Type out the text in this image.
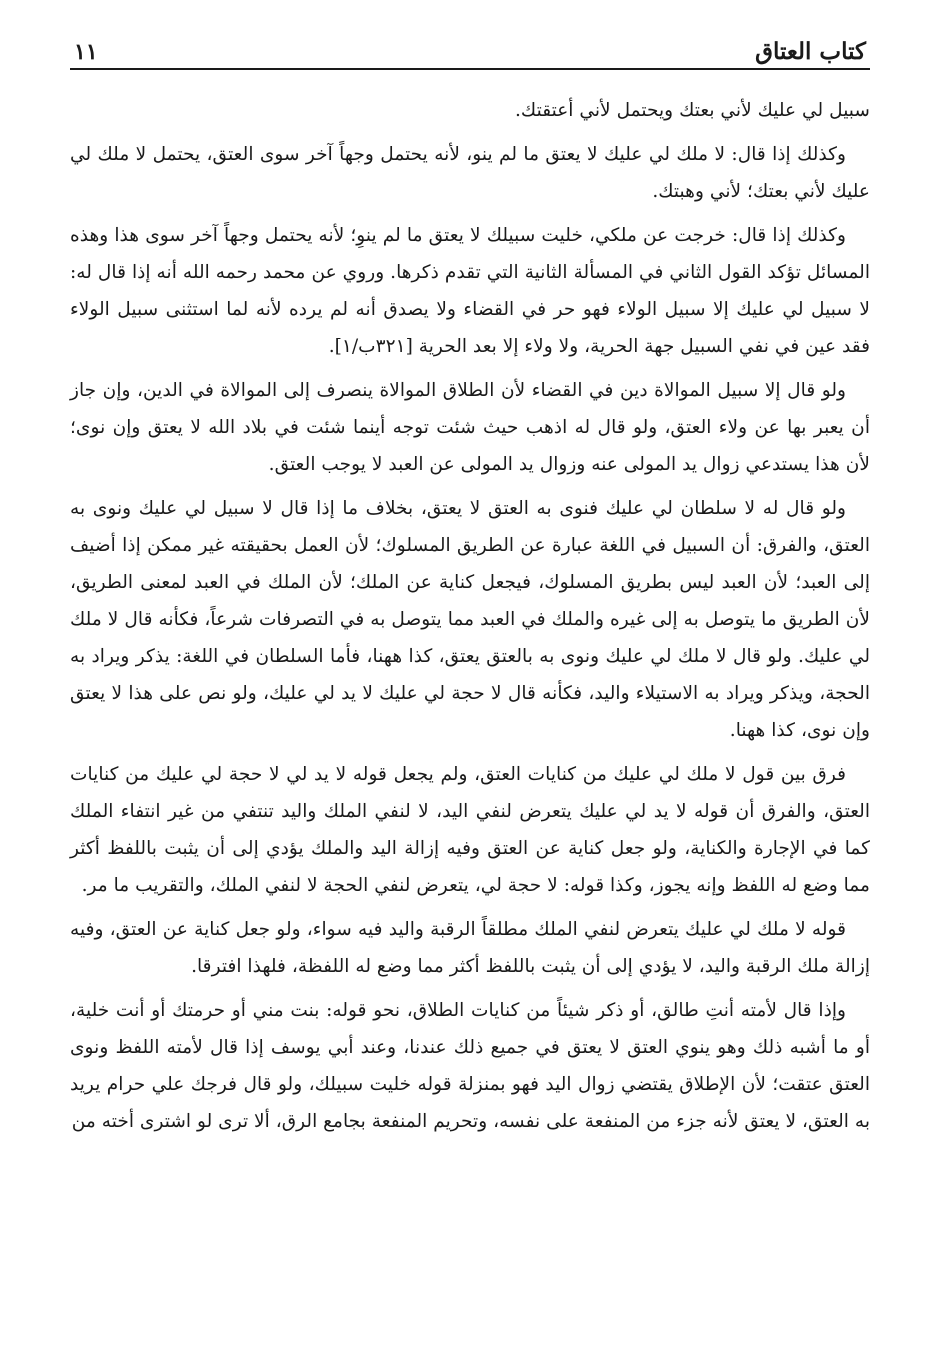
كتاب العتاق
١١

سبيل لي عليك لأني بعتك ويحتمل لأني أعتقتك.

وكذلك إذا قال: لا ملك لي عليك لا يعتق ما لم ينو، لأنه يحتمل وجهاً آخر سوى العتق، يحتمل لا ملك لي عليك لأني بعتك؛ لأني وهبتك.

وكذلك إذا قال: خرجت عن ملكي، خليت سبيلك لا يعتق ما لم ينوِ؛ لأنه يحتمل وجهاً آخر سوى هذا وهذه المسائل تؤكد القول الثاني في المسألة الثانية التي تقدم ذكرها. وروي عن محمد رحمه الله أنه إذا قال له: لا سبيل لي عليك إلا سبيل الولاء فهو حر في القضاء ولا يصدق أنه لم يرده لأنه لما استثنى سبيل الولاء فقد عين في نفي السبيل جهة الحرية، ولا ولاء إلا بعد الحرية [٣٢١ب/١].

ولو قال إلا سبيل الموالاة دين في القضاء لأن الطلاق الموالاة ينصرف إلى الموالاة في الدين، وإن جاز أن يعبر بها عن ولاء العتق، ولو قال له اذهب حيث شئت توجه أينما شئت في بلاد الله لا يعتق وإن نوى؛ لأن هذا يستدعي زوال يد المولى عنه وزوال يد المولى عن العبد لا يوجب العتق.

ولو قال له لا سلطان لي عليك فنوى به العتق لا يعتق، بخلاف ما إذا قال لا سبيل لي عليك ونوى به العتق، والفرق: أن السبيل في اللغة عبارة عن الطريق المسلوك؛ لأن العمل بحقيقته غير ممكن إذا أضيف إلى العبد؛ لأن العبد ليس بطريق المسلوك، فيجعل كناية عن الملك؛ لأن الملك في العبد لمعنى الطريق، لأن الطريق ما يتوصل به إلى غيره والملك في العبد مما يتوصل به في التصرفات شرعاً، فكأنه قال لا ملك لي عليك. ولو قال لا ملك لي عليك ونوى به بالعتق يعتق، كذا ههنا، فأما السلطان في اللغة: يذكر ويراد به الحجة، ويذكر ويراد به الاستيلاء واليد، فكأنه قال لا حجة لي عليك لا يد لي عليك، ولو نص على هذا لا يعتق وإن نوى، كذا ههنا.

فرق بين قول لا ملك لي عليك من كنايات العتق، ولم يجعل قوله لا يد لي لا حجة لي عليك من كنايات العتق، والفرق أن قوله لا يد لي عليك يتعرض لنفي اليد، لا لنفي الملك واليد تنتفي من غير انتفاء الملك كما في الإجارة والكناية، ولو جعل كناية عن العتق وفيه إزالة اليد والملك يؤدي إلى أن يثبت باللفظ أكثر مما وضع له اللفظ وإنه يجوز، وكذا قوله: لا حجة لي، يتعرض لنفي الحجة لا لنفي الملك، والتقريب ما مر.

قوله لا ملك لي عليك يتعرض لنفي الملك مطلقاً الرقبة واليد فيه سواء، ولو جعل كناية عن العتق، وفيه إزالة ملك الرقبة واليد، لا يؤدي إلى أن يثبت باللفظ أكثر مما وضع له اللفظة، فلهذا افترقا.

وإذا قال لأمته أنتِ طالق، أو ذكر شيئاً من كنايات الطلاق، نحو قوله: بنت مني أو حرمتك أو أنت خلية، أو ما أشبه ذلك وهو ينوي العتق لا يعتق في جميع ذلك عندنا، وعند أبي يوسف إذا قال لأمته اللفظ ونوى العتق عتقت؛ لأن الإطلاق يقتضي زوال اليد فهو بمنزلة قوله خليت سبيلك، ولو قال فرجك علي حرام يريد به العتق، لا يعتق لأنه جزء من المنفعة على نفسه، وتحريم المنفعة بجامع الرق، ألا ترى لو اشترى أخته من
